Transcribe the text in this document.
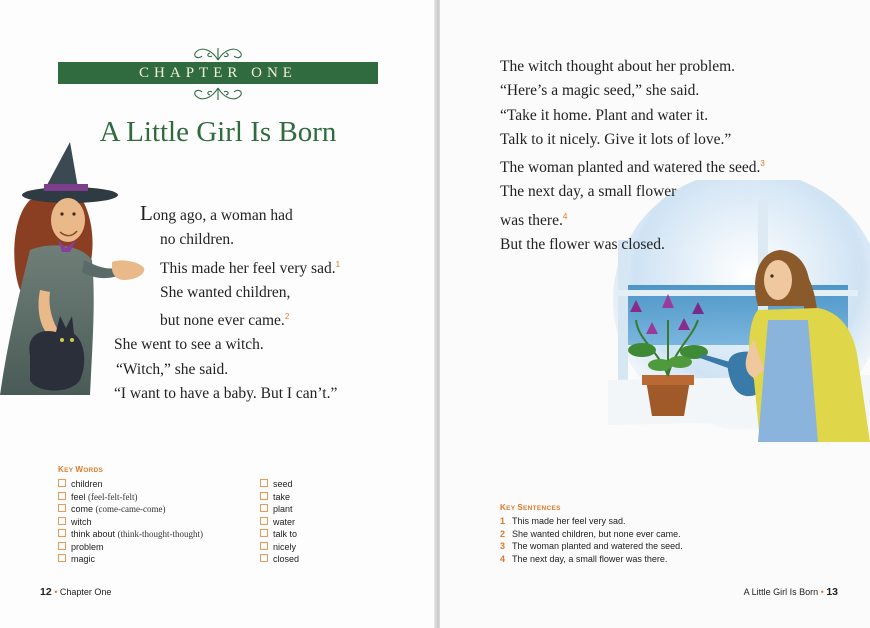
CHAPTER ONE
A Little Girl Is Born
Long ago, a woman had
no children.
This made her feel very sad.$^1$
She wanted children,
but none ever came.$^2$
She went to see a witch.
“Witch,” she said.
“I want to have a baby. But I can’t.”
KEY WORDS
children
feel (feel-felt-felt)
come (come-came-come)
witch
think about (think-thought-thought)
problem
magic
seed
take
plant
water
talk to
nicely
closed
12 • Chapter One
The witch thought about her problem.
“Here’s a magic seed,” she said.
“Take it home. Plant and water it.
Talk to it nicely. Give it lots of love.”
The woman planted and watered the seed.$^3$
The next day, a small flower
was there.$^4$
But the flower was closed.
KEY SENTENCES
1 This made her feel very sad.
2 She wanted children, but none ever came.
3 The woman planted and watered the seed.
4 The next day, a small flower was there.
A Little Girl Is Born • 13
